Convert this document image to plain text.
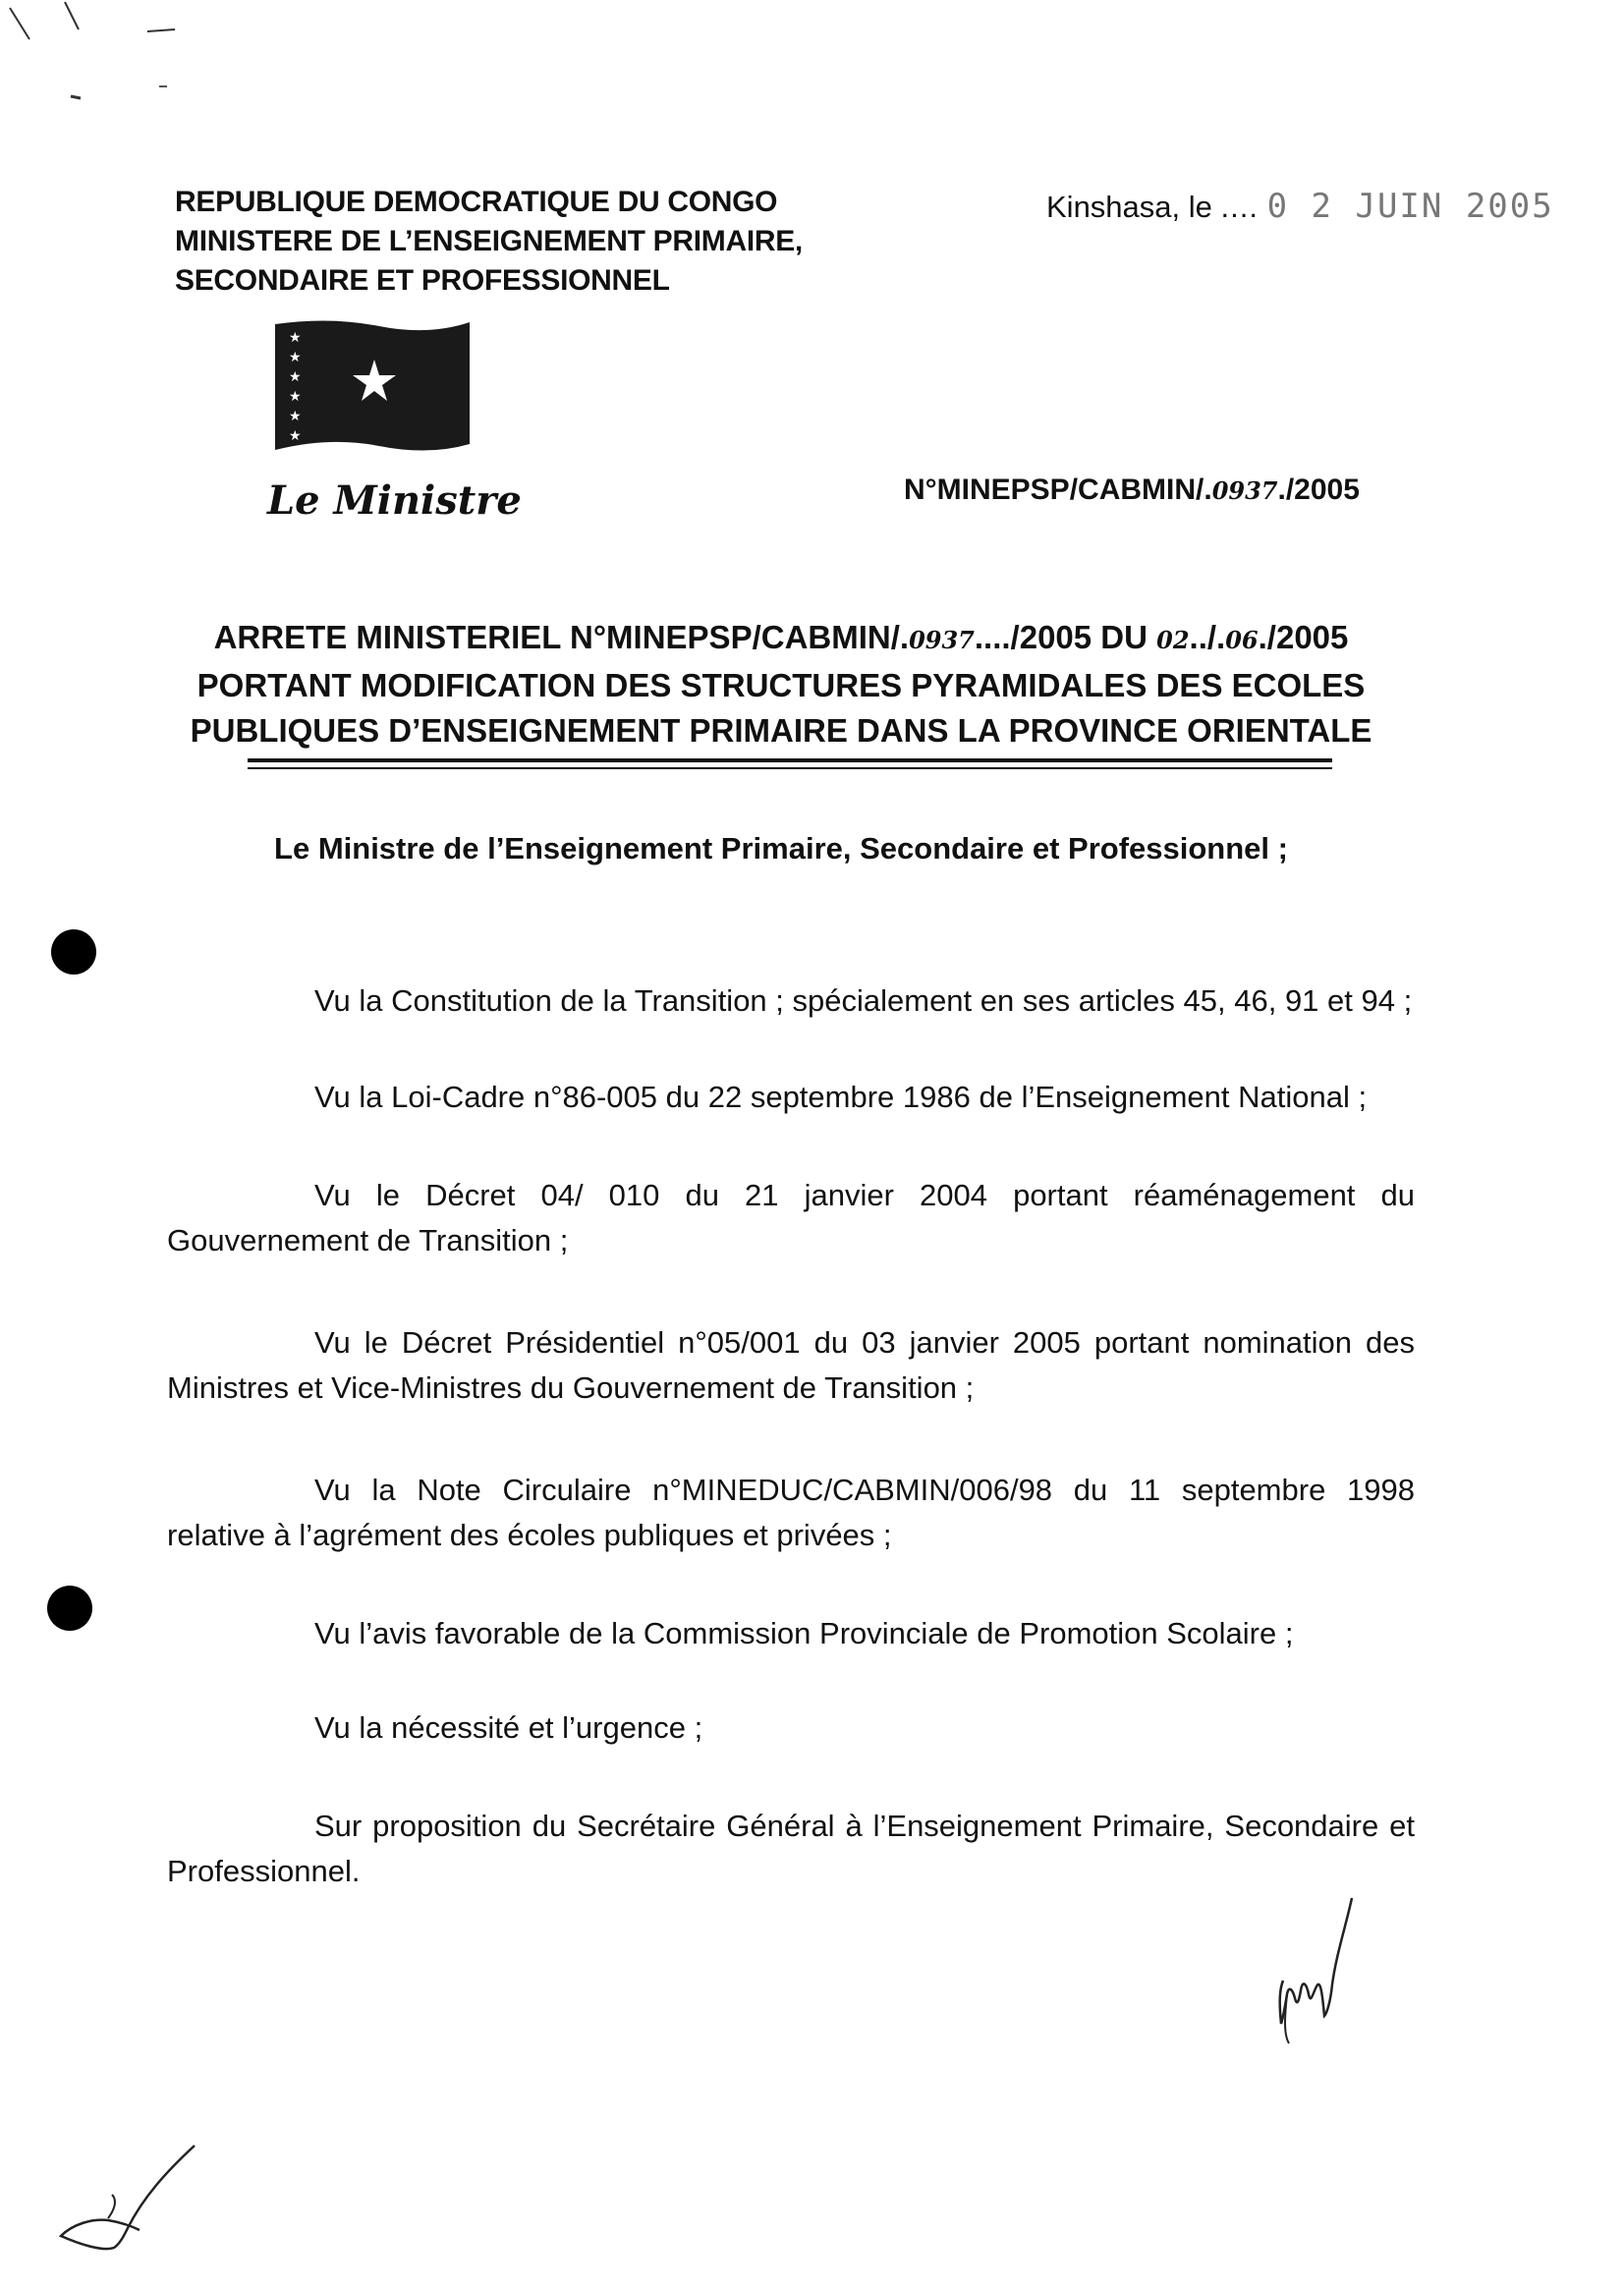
REPUBLIQUE DEMOCRATIQUE DU CONGO
MINISTERE DE L’ENSEIGNEMENT PRIMAIRE,
SECONDAIRE ET PROFESSIONNEL
Kinshasa, le .... 0 2 JUIN 2005
★
★
★
★
★
★
Le Ministre	N°MINEPSP/CABMIN/.0937./2005
ARRETE MINISTERIEL N°MINEPSP/CABMIN/.0937..../2005 DU 02../.06./2005
PORTANT MODIFICATION DES STRUCTURES PYRAMIDALES DES ECOLES
PUBLIQUES D’ENSEIGNEMENT PRIMAIRE DANS LA PROVINCE ORIENTALE
Le Ministre de l’Enseignement Primaire, Secondaire et Professionnel ;
Vu la Constitution de la Transition ; spécialement en ses articles 45, 46, 91 et 94 ;
Vu la Loi-Cadre n°86-005 du 22 septembre 1986 de l’Enseignement National ;
Vu le Décret 04/ 010 du 21 janvier 2004 portant réaménagement du Gouvernement de Transition ;
Vu le Décret Présidentiel n°05/001 du 03 janvier 2005 portant nomination des Ministres et Vice-Ministres du Gouvernement de Transition ;
Vu la Note Circulaire n°MINEDUC/CABMIN/006/98 du 11 septembre 1998 relative à l’agrément des écoles publiques et privées ;
Vu l’avis favorable de la Commission Provinciale de Promotion Scolaire ;
Vu la nécessité et l’urgence ;
Sur proposition du Secrétaire Général à l’Enseignement Primaire, Secondaire et Professionnel.
